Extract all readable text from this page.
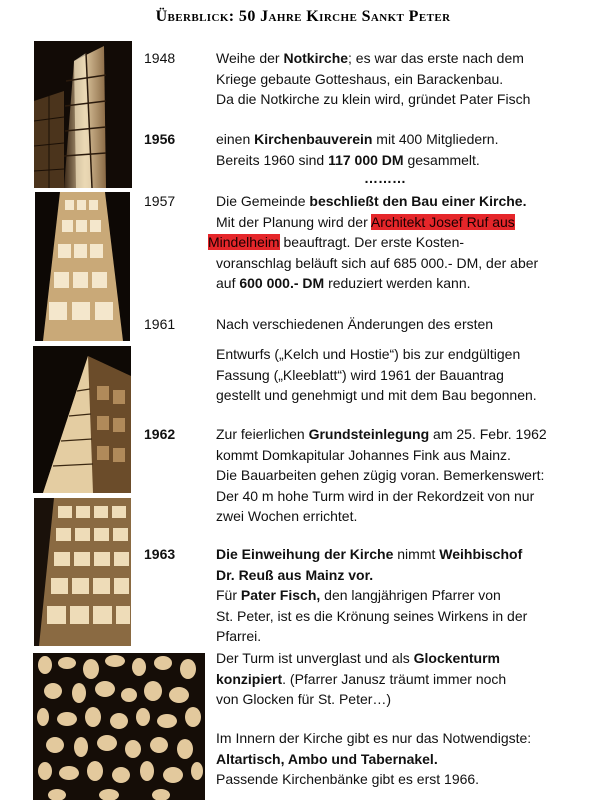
Überblick: 50 Jahre Kirche Sankt Peter
1948	Weihe der Notkirche; es war das erste nach dem
Kriege gebaute Gotteshaus, ein Barackenbau.
Da die Notkirche zu klein wird, gründet Pater Fisch
1956	einen Kirchenbauverein mit 400 Mitgliedern.
Bereits 1960 sind 117 000 DM gesammelt.
………
1957	Die Gemeinde beschließt den Bau einer Kirche.
Mit der Planung wird der Architekt Josef Ruf aus
Mindelheim beauftragt. Der erste Kosten-
voranschlag beläuft sich auf 685 000.- DM, der aber
auf 600 000.- DM reduziert werden kann.
1961	Nach verschiedenen Änderungen des ersten
Entwurfs („Kelch und Hostie“) bis zur endgültigen
Fassung („Kleeblatt“) wird 1961 der Bauantrag
gestellt und genehmigt und mit dem Bau begonnen.
1962	Zur feierlichen Grundsteinlegung am 25. Febr. 1962
kommt Domkapitular Johannes Fink aus Mainz.
Die Bauarbeiten gehen zügig voran. Bemerkenswert:
Der 40 m hohe Turm wird in der Rekordzeit von nur
zwei Wochen errichtet.
1963	Die Einweihung der Kirche nimmt Weihbischof
Dr. Reuß aus Mainz vor.
Für Pater Fisch, den langjährigen Pfarrer von
St. Peter, ist es die Krönung seines Wirkens in der
Pfarrei.
Der Turm ist unverglast und als Glockenturm
konzipiert. (Pfarrer Janusz träumt immer noch
von Glocken für St. Peter…)
Im Innern der Kirche gibt es nur das Notwendigste:
Altartisch, Ambo und Tabernakel.
Passende Kirchenbänke gibt es erst 1966.
